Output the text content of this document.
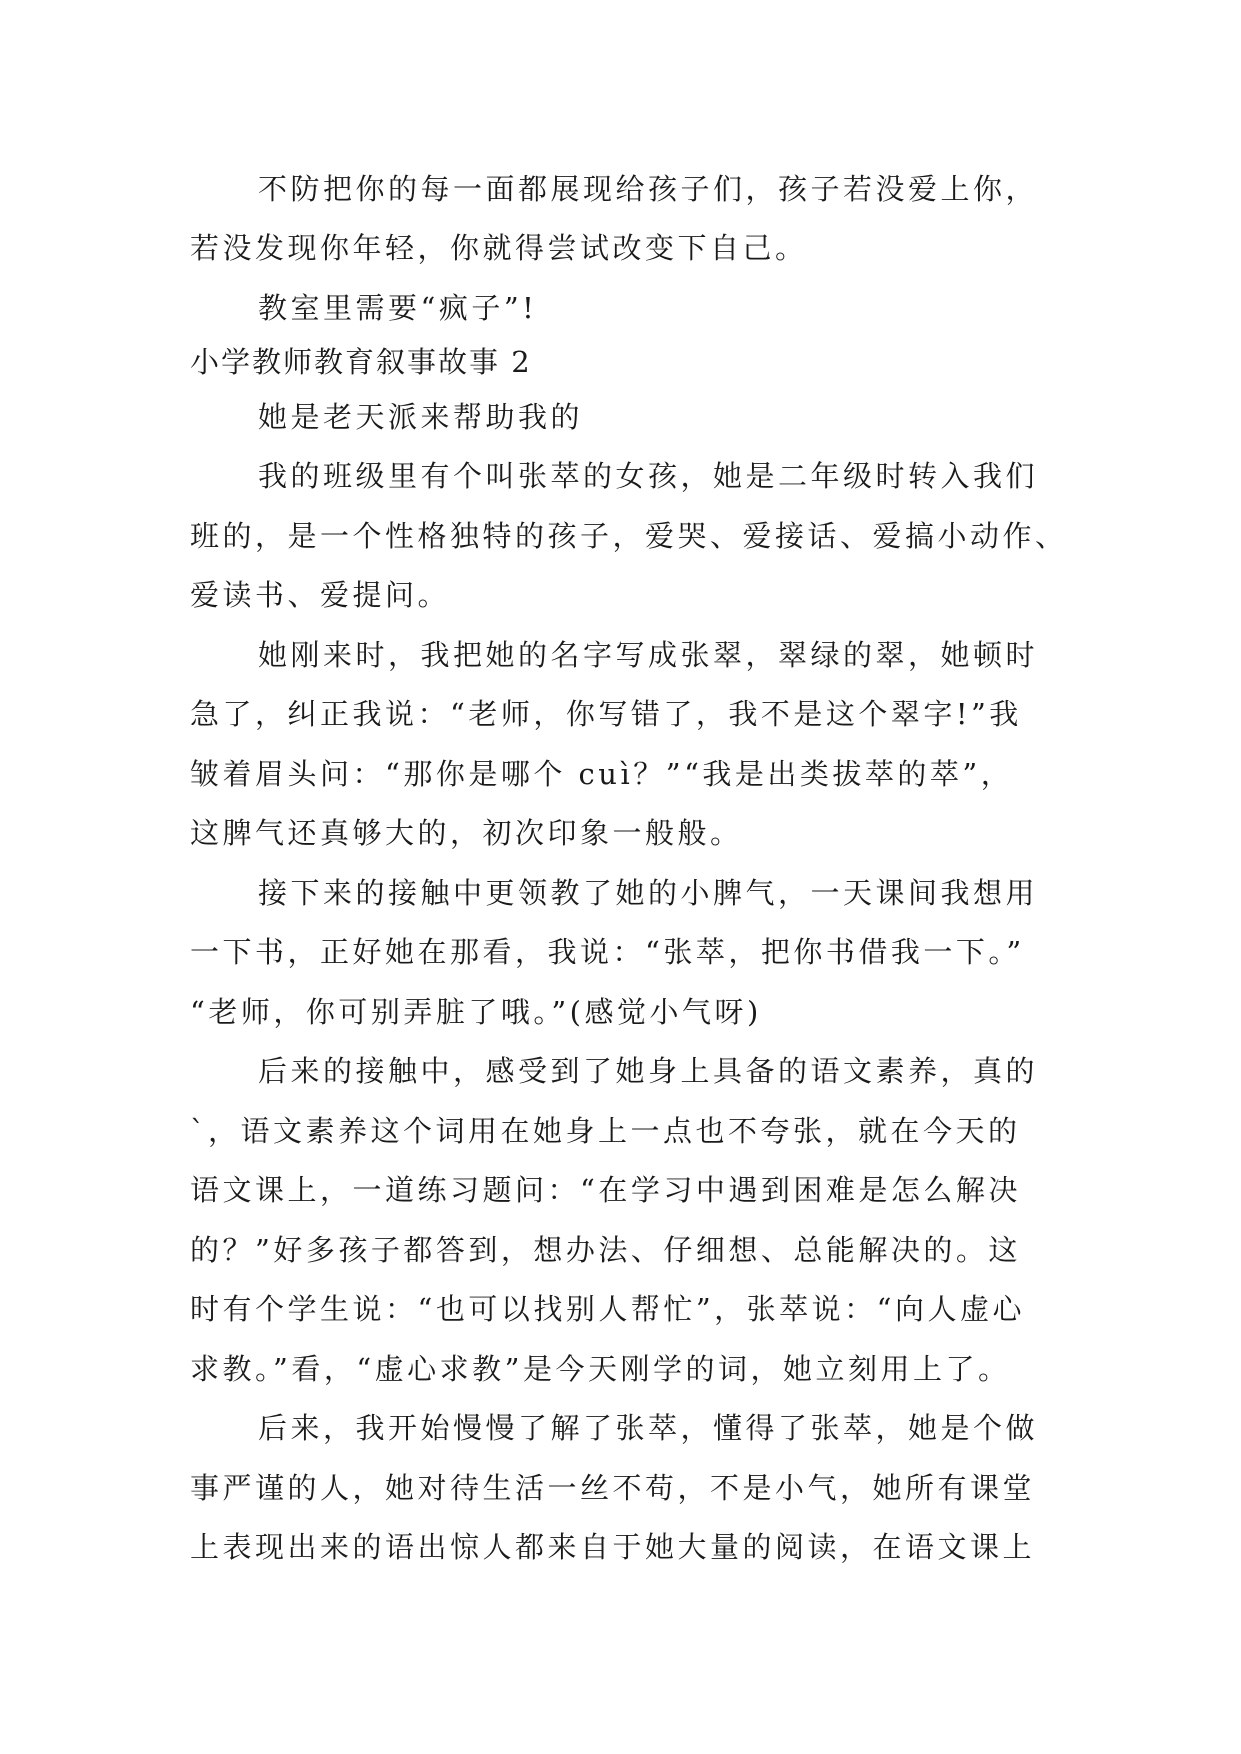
不防把你的每一面都展现给孩子们，孩子若没爱上你，
若没发现你年轻，你就得尝试改变下自己。
教室里需要“疯子”!
小学教师教育叙事故事 2
她是老天派来帮助我的
我的班级里有个叫张萃的女孩，她是二年级时转入我们
班的，是一个性格独特的孩子，爱哭、爱接话、爱搞小动作、
爱读书、爱提问。
她刚来时，我把她的名字写成张翠，翠绿的翠，她顿时
急了，纠正我说：“老师，你写错了，我不是这个翠字!”我
皱着眉头问：“那你是哪个 cuì？”“我是出类拔萃的萃”，
这脾气还真够大的，初次印象一般般。
接下来的接触中更领教了她的小脾气，一天课间我想用
一下书，正好她在那看，我说：“张萃，把你书借我一下。”
“老师，你可别弄脏了哦。”(感觉小气呀)
后来的接触中，感受到了她身上具备的语文素养，真的
`，语文素养这个词用在她身上一点也不夸张，就在今天的
语文课上，一道练习题问：“在学习中遇到困难是怎么解决
的？”好多孩子都答到，想办法、仔细想、总能解决的。这
时有个学生说：“也可以找别人帮忙”，张萃说：“向人虚心
求教。”看，“虚心求教”是今天刚学的词，她立刻用上了。
后来，我开始慢慢了解了张萃，懂得了张萃，她是个做
事严谨的人，她对待生活一丝不苟，不是小气，她所有课堂
上表现出来的语出惊人都来自于她大量的阅读，在语文课上
